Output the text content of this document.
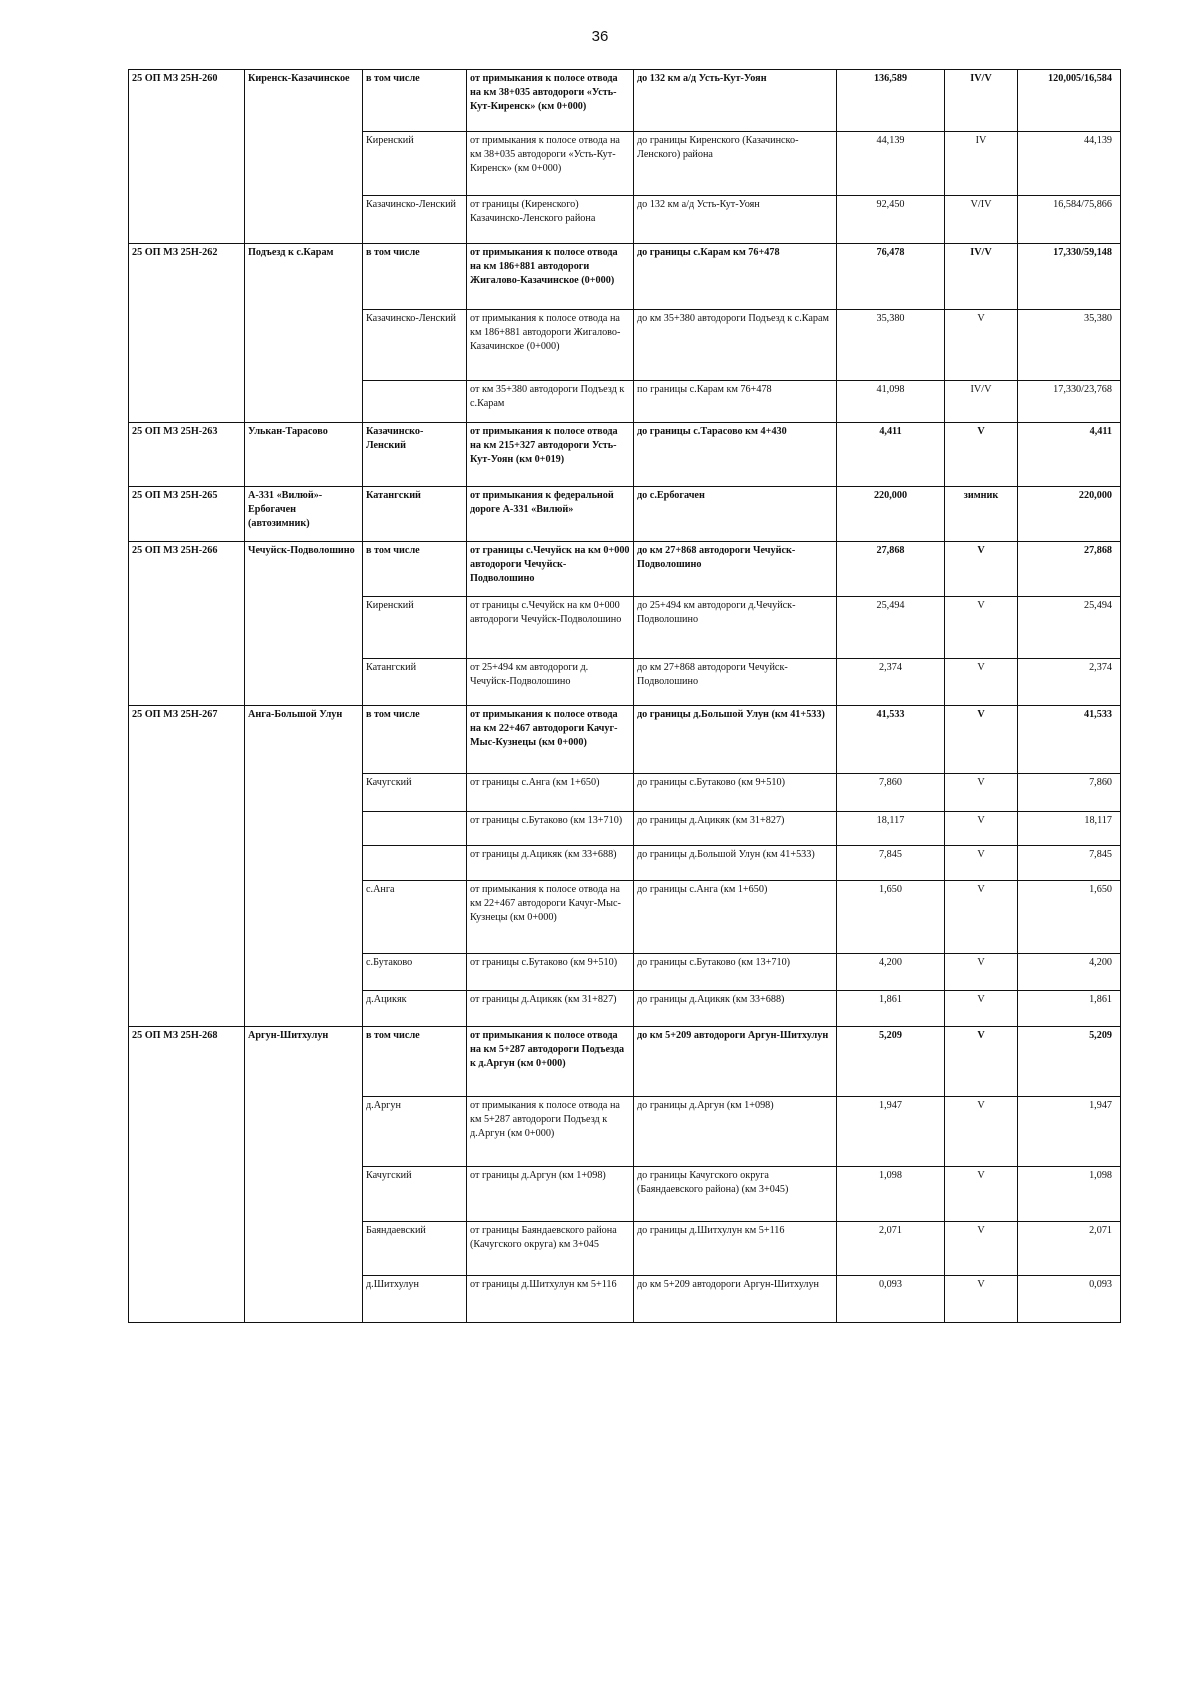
36
25 ОП МЗ 25Н-260	Киренск-Казачинское	в том числе	от примыкания к полосе отвода на км 38+035 автодороги «Усть-Кут-Киренск» (км 0+000)	до 132 км а/д Усть-Кут-Уоян	136,589	IV/V	120,005/16,584
		Киренский	от примыкания к полосе отвода на км 38+035 автодороги «Усть-Кут-Киренск» (км 0+000)	до границы Киренского (Казачинско-Ленского) района	44,139	IV	44,139
		Казачинско-Ленский	от границы (Киренского) Казачинско-Ленского района	до 132 км а/д Усть-Кут-Уоян	92,450	V/IV	16,584/75,866
25 ОП МЗ 25Н-262	Подъезд к с.Карам	в том числе	от примыкания к полосе отвода на км 186+881 автодороги Жигалово-Казачинское (0+000)	до границы с.Карам км 76+478	76,478	IV/V	17,330/59,148
		Казачинско-Ленский	от примыкания к полосе отвода на км 186+881 автодороги Жигалово-Казачинское (0+000)	до км 35+380 автодороги Подъезд к с.Карам	35,380	V	35,380
			от км 35+380 автодороги Подъезд к с.Карам	по границы с.Карам км 76+478	41,098	IV/V	17,330/23,768
25 ОП МЗ 25Н-263	Улькан-Тарасово	Казачинско-Ленский	от примыкания к полосе отвода на км 215+327 автодороги Усть-Кут-Уоян (км 0+019)	до границы с.Тарасово км 4+430	4,411	V	4,411
25 ОП МЗ 25Н-265	А-331 «Вилюй»-Ербогачен (автозимник)	Катангский	от примыкания к федеральной дороге А-331 «Вилюй»	до с.Ербогачен	220,000	зимник	220,000
25 ОП МЗ 25Н-266	Чечуйск-Подволошино	в том числе	от границы с.Чечуйск на км 0+000 автодороги Чечуйск-Подволошино	до км 27+868 автодороги Чечуйск-Подволошино	27,868	V	27,868
		Киренский	от границы с.Чечуйск на км 0+000 автодороги Чечуйск-Подволошино	до 25+494 км автодороги д.Чечуйск-Подволошино	25,494	V	25,494
		Катангский	от 25+494 км автодороги д. Чечуйск-Подволошино	до км 27+868 автодороги Чечуйск-Подволошино	2,374	V	2,374
25 ОП МЗ 25Н-267	Анга-Большой Улун	в том числе	от примыкания к полосе отвода на км 22+467 автодороги Качуг-Мыс-Кузнецы (км 0+000)	до границы д.Большой Улун (км 41+533)	41,533	V	41,533
		Качугский	от границы с.Анга (км 1+650)	до границы с.Бутаково (км 9+510)	7,860	V	7,860
			от границы с.Бутаково (км 13+710)	до границы д.Ацикяк (км 31+827)	18,117	V	18,117
			от границы д.Ацикяк (км 33+688)	до границы д.Большой Улун (км 41+533)	7,845	V	7,845
		с.Анга	от примыкания к полосе отвода на км 22+467 автодороги Качуг-Мыс-Кузнецы (км 0+000)	до границы с.Анга (км 1+650)	1,650	V	1,650
		с.Бутаково	от границы с.Бутаково (км 9+510)	до границы с.Бутаково (км 13+710)	4,200	V	4,200
		д.Ацикяк	от границы д.Ацикяк (км 31+827)	до границы д.Ацикяк (км 33+688)	1,861	V	1,861
25 ОП МЗ 25Н-268	Аргун-Шитхулун	в том числе	от примыкания к полосе отвода на км 5+287 автодороги Подъезда к д.Аргун (км 0+000)	до км 5+209 автодороги Аргун-Шитхулун	5,209	V	5,209
		д.Аргун	от примыкания к полосе отвода на км 5+287 автодороги Подъезд к д.Аргун (км 0+000)	до границы д.Аргун (км 1+098)	1,947	V	1,947
		Качугский	от границы д.Аргун (км 1+098)	до границы Качугского округа (Баяндаевского района) (км 3+045)	1,098	V	1,098
		Баяндаевский	от границы Баяндаевского района (Качугского округа) км 3+045	до границы д.Шитхулун км 5+116	2,071	V	2,071
		д.Шитхулун	от границы д.Шитхулун км 5+116	до км 5+209 автодороги Аргун-Шитхулун	0,093	V	0,093
